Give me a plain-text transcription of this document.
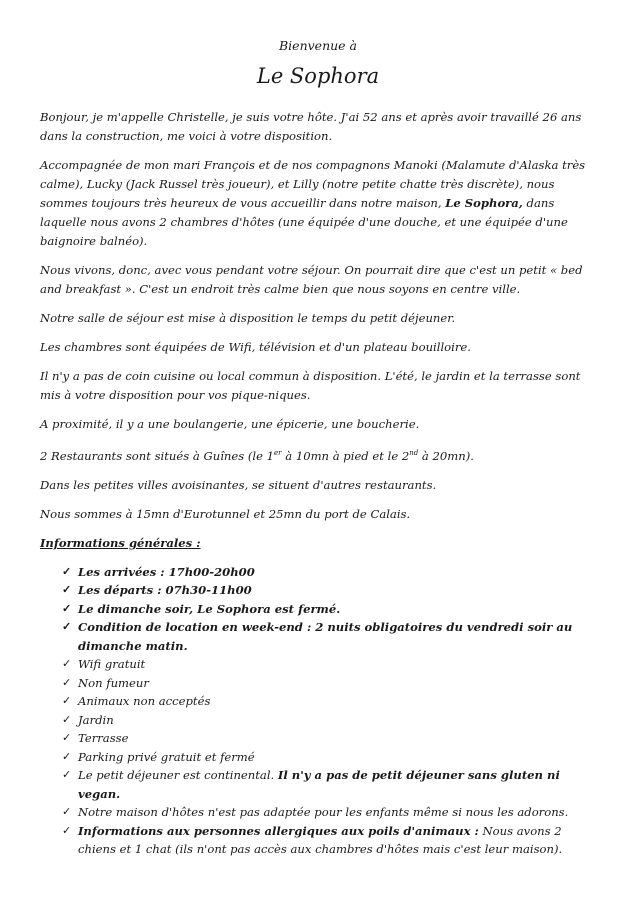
Bienvenue à
Le Sophora

Bonjour, je m'appelle Christelle, je suis votre hôte. J'ai 52 ans et après avoir travaillé 26 ans dans la construction, me voici à votre disposition.

Accompagnée de mon mari François et de nos compagnons Manoki (Malamute d'Alaska très calme), Lucky (Jack Russel très joueur), et Lilly (notre petite chatte très discrète), nous sommes toujours très heureux de vous accueillir dans notre maison, Le Sophora, dans laquelle nous avons 2 chambres d'hôtes (une équipée d'une douche, et une équipée d'une baignoire balnéo).

Nous vivons, donc, avec vous pendant votre séjour. On pourrait dire que c'est un petit « bed and breakfast ». C'est un endroit très calme bien que nous soyons en centre ville.

Notre salle de séjour est mise à disposition le temps du petit déjeuner.

Les chambres sont équipées de Wifi, télévision et d'un plateau bouilloire.

Il n'y a pas de coin cuisine ou local commun à disposition. L'été, le jardin et la terrasse sont mis à votre disposition pour vos pique-niques.

A proximité, il y a une boulangerie, une épicerie, une boucherie.

2 Restaurants sont situés à Guînes (le 1er à 10mn à pied et le 2nd à 20mn).

Dans les petites villes avoisinantes, se situent d'autres restaurants.

Nous sommes à 15mn d'Eurotunnel et 25mn du port de Calais.

Informations générales :
✓ Les arrivées : 17h00-20h00
✓ Les départs : 07h30-11h00
✓ Le dimanche soir, Le Sophora est fermé.
✓ Condition de location en week-end : 2 nuits obligatoires du vendredi soir au dimanche matin.
✓ Wifi gratuit
✓ Non fumeur
✓ Animaux non acceptés
✓ Jardin
✓ Terrasse
✓ Parking privé gratuit et fermé
✓ Le petit déjeuner est continental. Il n'y a pas de petit déjeuner sans gluten ni vegan.
✓ Notre maison d'hôtes n'est pas adaptée pour les enfants même si nous les adorons.
✓ Informations aux personnes allergiques aux poils d'animaux : Nous avons 2 chiens et 1 chat (ils n'ont pas accès aux chambres d'hôtes mais c'est leur maison).
